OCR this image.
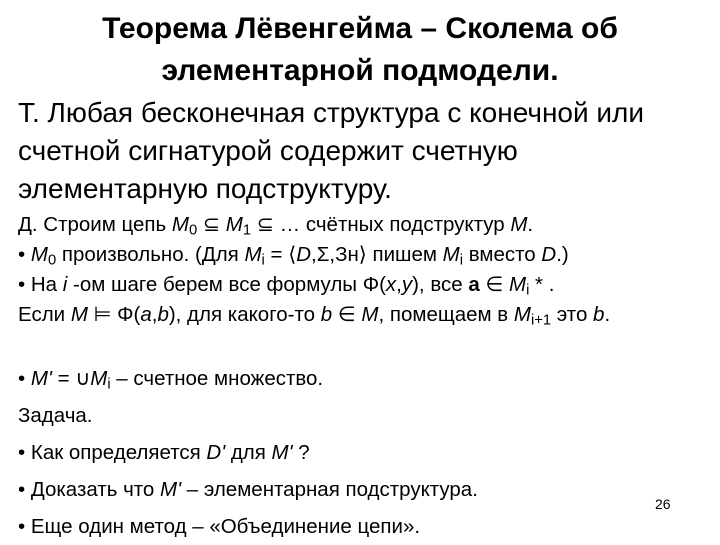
Теорема Лёвенгейма – Сколема об
элементарной подмодели.
Т. Любая бесконечная структура с конечной или
счетной сигнатурой содержит счетную
элементарную подструктуру.
Д. Строим цепь $M_0$ ⊆ $M_1$ ⊆ … счётных подструктур M.
• $M_0$ произвольно. (Для $M_i$ = ⟨D,Σ,Зн⟩ пишем $M_i$ вместо D.)
• На i -ом шаге берем все формулы Φ(x,y), все a ∈ $M_i$ * .
Если M ⊨ Φ(a,b), для какого-то b ∈ M, помещаем в $M_{i+1}$ это b.
• $M' = \cup M_i$ – счетное множество.
Задача.
• Как определяется D' для M' ?
• Доказать что M' – элементарная подструктура.
• Еще один метод – «Объединение цепи».
26
